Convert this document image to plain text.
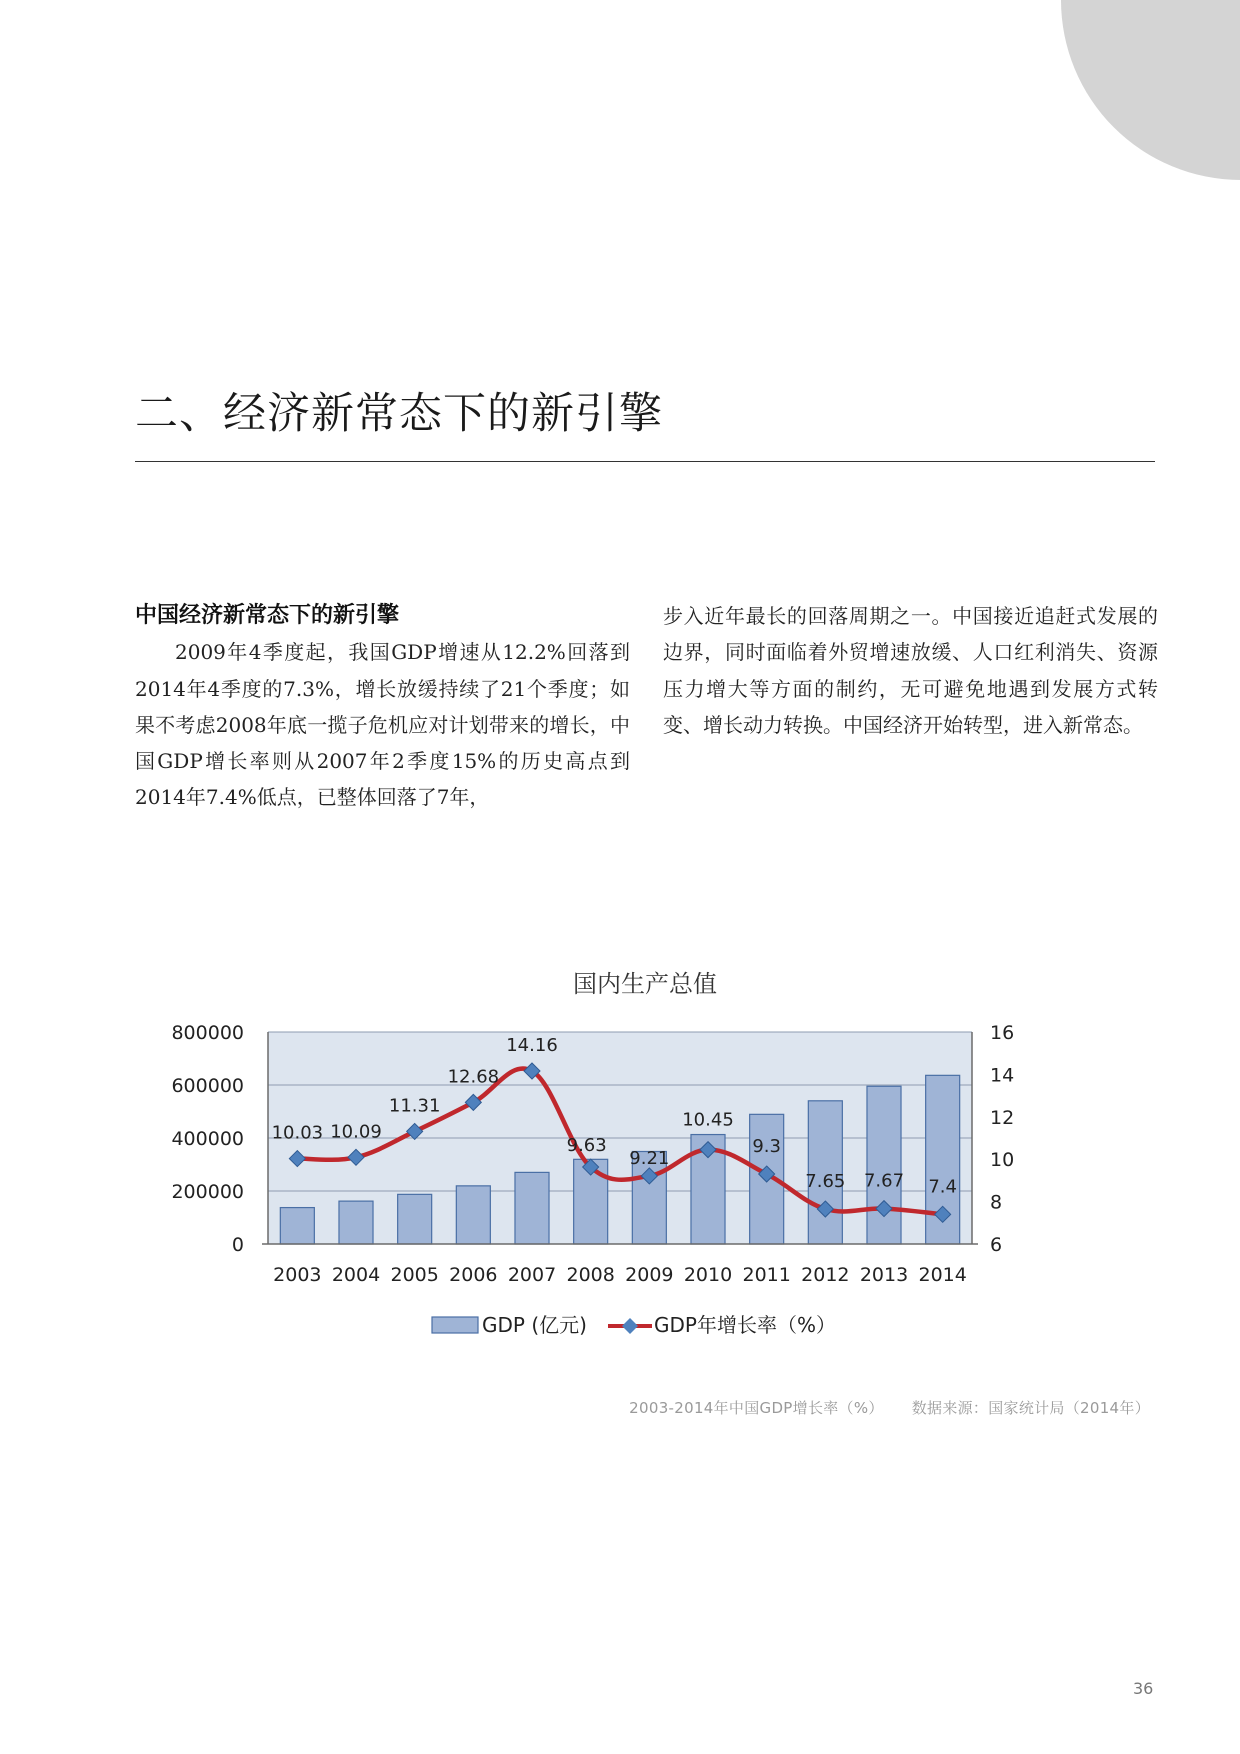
二、经济新常态下的新引擎
中国经济新常态下的新引擎

2009年4季度起，我国GDP增速从12.2%回落到2014年4季度的7.3%，增长放缓持续了21个季度；如果不考虑2008年底一揽子危机应对计划带来的增长，中国GDP增长率则从2007年2季度15%的历史高点到2014年7.4%低点，已整体回落了7年，

步入近年最长的回落周期之一。中国接近追赶式发展的边界，同时面临着外贸增速放缓、人口红利消失、资源压力增大等方面的制约，无可避免地遇到发展方式转变、增长动力转换。中国经济开始转型，进入新常态。

国内生产总值
10.03 10.09
11.31
12.68
14.16
9.63
9.21
10.45
9.3
7.65 7.67 7.4
0
200000
400000
600000
800000
6
8
10
12
14
16
2003 2004 2005 2006 2007 2008 2009 2010 2011 2012 2013 2014
GDP (亿元)	GDP年增长率（%）
2003-2014年中国GDP增长率（%） 数据来源：国家统计局（2014年）
36
